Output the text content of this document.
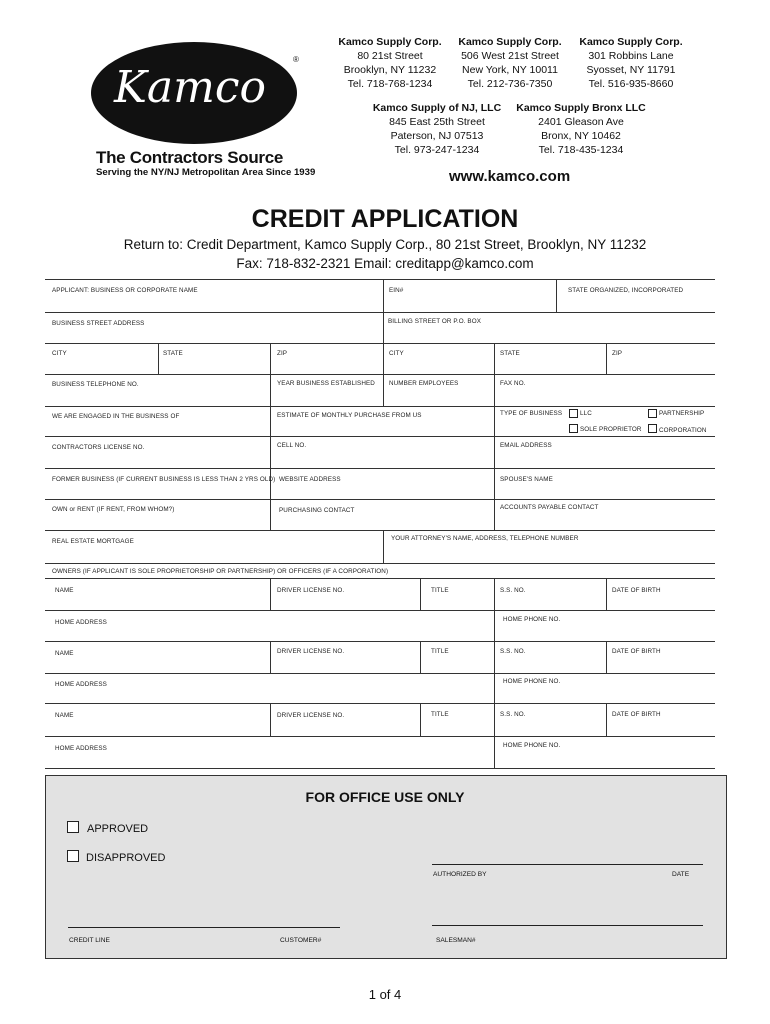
Kamco
®
The Contractors Source
Serving the NY/NJ Metropolitan Area Since 1939
Kamco Supply Corp.
80 21st Street
Brooklyn, NY 11232
Tel. 718-768-1234
Kamco Supply Corp.
506 West 21st Street
New York, NY 10011
Tel. 212-736-7350
Kamco Supply Corp.
301 Robbins Lane
Syosset, NY 11791
Tel. 516-935-8660
Kamco Supply of NJ, LLC
845 East 25th Street
Paterson, NJ 07513
Tel. 973-247-1234
Kamco Supply Bronx LLC
2401 Gleason Ave
Bronx, NY 10462
Tel. 718-435-1234
www.kamco.com
CREDIT APPLICATION
Return to: Credit Department, Kamco Supply Corp., 80 21st Street, Brooklyn, NY 11232
Fax: 718-832-2321 Email: creditapp@kamco.com
APPLICANT: BUSINESS OR CORPORATE NAME	EIN#	STATE ORGANIZED, INCORPORATED
BUSINESS STREET ADDRESS	BILLING STREET OR P.O. BOX
CITY	STATE	ZIP	CITY	STATE	ZIP
BUSINESS TELEPHONE NO.	YEAR BUSINESS ESTABLISHED NUMBER EMPLOYEES	FAX NO.
WE ARE ENGAGED IN THE BUSINESS OF	ESTIMATE OF MONTHLY PURCHASE FROM US	TYPE OF BUSINESS	LLC	PARTNERSHIP
SOLE PROPRIETOR	CORPORATION
CONTRACTORS LICENSE NO.	CELL NO.	EMAIL ADDRESS
FORMER BUSINESS (IF CURRENT BUSINESS IS LESS THAN 2 YRS OLD) WEBSITE ADDRESS	SPOUSE'S NAME
OWN or RENT (IF RENT, FROM WHOM?)	PURCHASING CONTACT	ACCOUNTS PAYABLE CONTACT
REAL ESTATE MORTGAGE	YOUR ATTORNEY'S NAME, ADDRESS, TELEPHONE NUMBER
OWNERS (IF APPLICANT IS SOLE PROPRIETORSHIP OR PARTNERSHIP) OR OFFICERS (IF A CORPORATION)
NAME	DRIVER LICENSE NO.	TITLE	S.S. NO.	DATE OF BIRTH
HOME ADDRESS	HOME PHONE NO.
NAME	DRIVER LICENSE NO.	TITLE	S.S. NO.	DATE OF BIRTH
HOME ADDRESS	HOME PHONE NO.
NAME	DRIVER LICENSE NO.	TITLE	S.S. NO.	DATE OF BIRTH
HOME ADDRESS	HOME PHONE NO.
FOR OFFICE USE ONLY
APPROVED
DISAPPROVED
AUTHORIZED BY	DATE
CREDIT LINE	CUSTOMER#	SALESMAN#
1 of 4
